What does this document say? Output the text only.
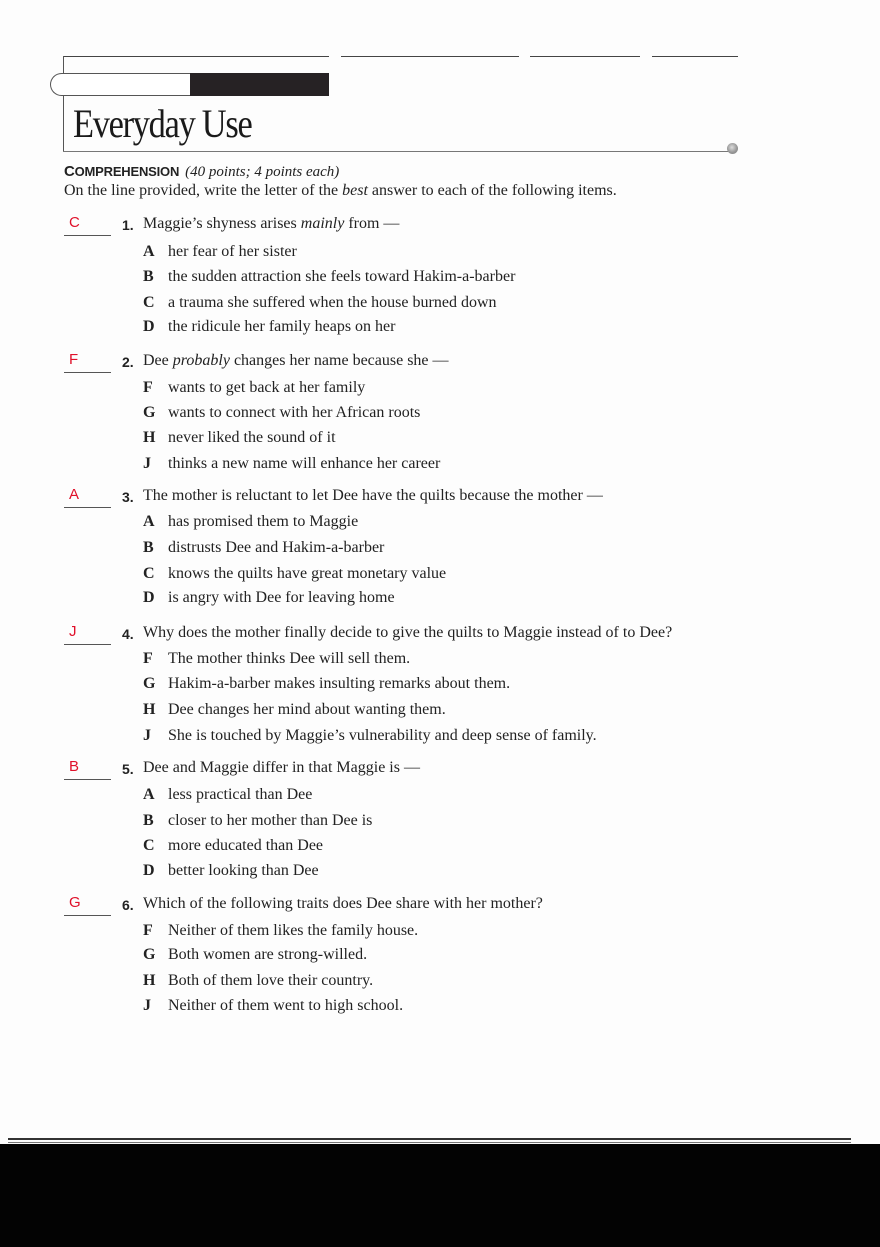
Everyday Use
COMPREHENSION (40 points; 4 points each)
On the line provided, write the letter of the best answer to each of the following items.
C	1. Maggie’s shyness arises mainly from —
A her fear of her sister
B the sudden attraction she feels toward Hakim-a-barber
C a trauma she suffered when the house burned down
D the ridicule her family heaps on her
F	2. Dee probably changes her name because she —
F wants to get back at her family
G wants to connect with her African roots
H never liked the sound of it
J thinks a new name will enhance her career
A	3. The mother is reluctant to let Dee have the quilts because the mother —
A has promised them to Maggie
B distrusts Dee and Hakim-a-barber
C knows the quilts have great monetary value
D is angry with Dee for leaving home
J	4. Why does the mother finally decide to give the quilts to Maggie instead of to Dee?
F The mother thinks Dee will sell them.
G Hakim-a-barber makes insulting remarks about them.
H Dee changes her mind about wanting them.
J She is touched by Maggie’s vulnerability and deep sense of family.
B	5. Dee and Maggie differ in that Maggie is —
A less practical than Dee
B closer to her mother than Dee is
C more educated than Dee
D better looking than Dee
G	6. Which of the following traits does Dee share with her mother?
F Neither of them likes the family house.
G Both women are strong-willed.
H Both of them love their country.
J Neither of them went to high school.
